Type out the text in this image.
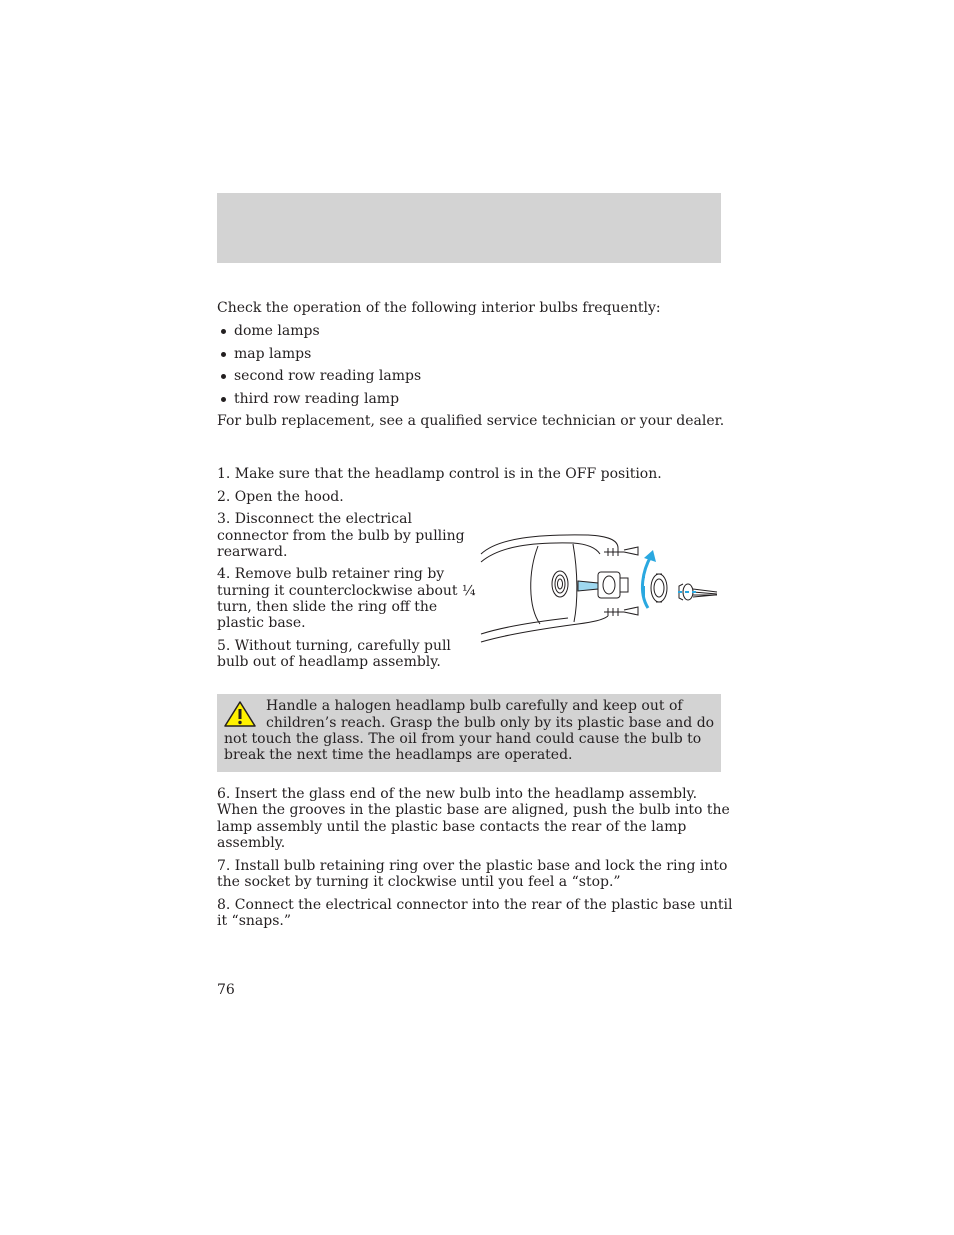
Check the operation of the following interior bulbs frequently:
dome lamps
map lamps
second row reading lamps
third row reading lamp
For bulb replacement, see a qualified service technician or your dealer.
1. Make sure that the headlamp control is in the OFF position.
2. Open the hood.
3. Disconnect the electrical
connector from the bulb by pulling
rearward.
4. Remove bulb retainer ring by
turning it counterclockwise about ¼
turn, then slide the ring off the
plastic base.
5. Without turning, carefully pull
bulb out of headlamp assembly.
Handle a halogen headlamp bulb carefully and keep out of
children’s reach. Grasp the bulb only by its plastic base and do
not touch the glass. The oil from your hand could cause the bulb to
break the next time the headlamps are operated.
6. Insert the glass end of the new bulb into the headlamp assembly.
When the grooves in the plastic base are aligned, push the bulb into the
lamp assembly until the plastic base contacts the rear of the lamp
assembly.
7. Install bulb retaining ring over the plastic base and lock the ring into
the socket by turning it clockwise until you feel a “stop.”
8. Connect the electrical connector into the rear of the plastic base until
it “snaps.”
76
